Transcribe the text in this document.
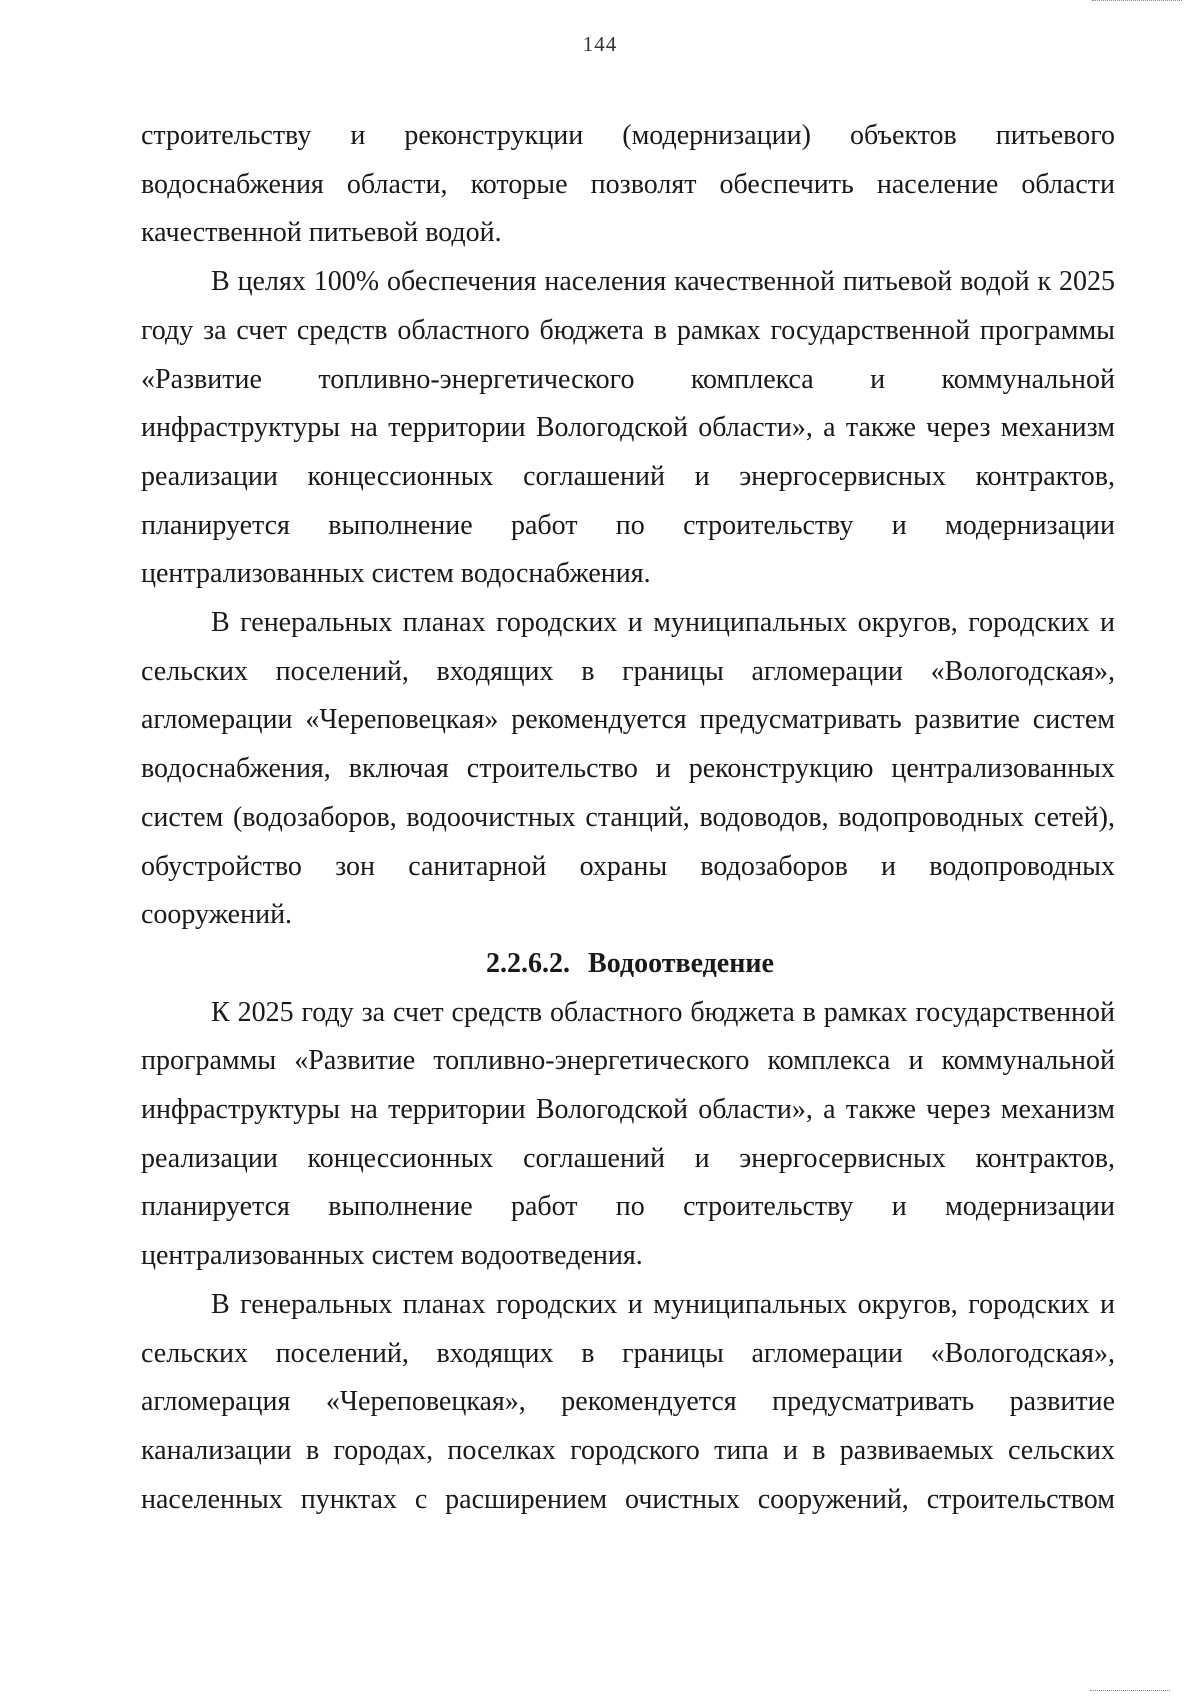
144

строительству и реконструкции (модернизации) объектов питьевого водоснабжения области, которые позволят обеспечить население области качественной питьевой водой.

В целях 100% обеспечения населения качественной питьевой водой к 2025 году за счет средств областного бюджета в рамках государственной программы «Развитие топливно-энергетического комплекса и коммунальной инфраструктуры на территории Вологодской области», а также через механизм реализации концессионных соглашений и энергосервисных контрактов, планируется выполнение работ по строительству и модернизации централизованных систем водоснабжения.

В генеральных планах городских и муниципальных округов, городских и сельских поселений, входящих в границы агломерации «Вологодская», агломерации «Череповецкая» рекомендуется предусматривать развитие систем водоснабжения, включая строительство и реконструкцию централизованных систем (водозаборов, водоочистных станций, водоводов, водопроводных сетей), обустройство зон санитарной охраны водозаборов и водопроводных сооружений.

2.2.6.2. Водоотведение

К 2025 году за счет средств областного бюджета в рамках государственной программы «Развитие топливно-энергетического комплекса и коммунальной инфраструктуры на территории Вологодской области», а также через механизм реализации концессионных соглашений и энергосервисных контрактов, планируется выполнение работ по строительству и модернизации централизованных систем водоотведения.

В генеральных планах городских и муниципальных округов, городских и сельских поселений, входящих в границы агломерации «Вологодская», агломерация «Череповецкая», рекомендуется предусматривать развитие канализации в городах, поселках городского типа и в развиваемых сельских населенных пунктах с расширением очистных сооружений, строительством
